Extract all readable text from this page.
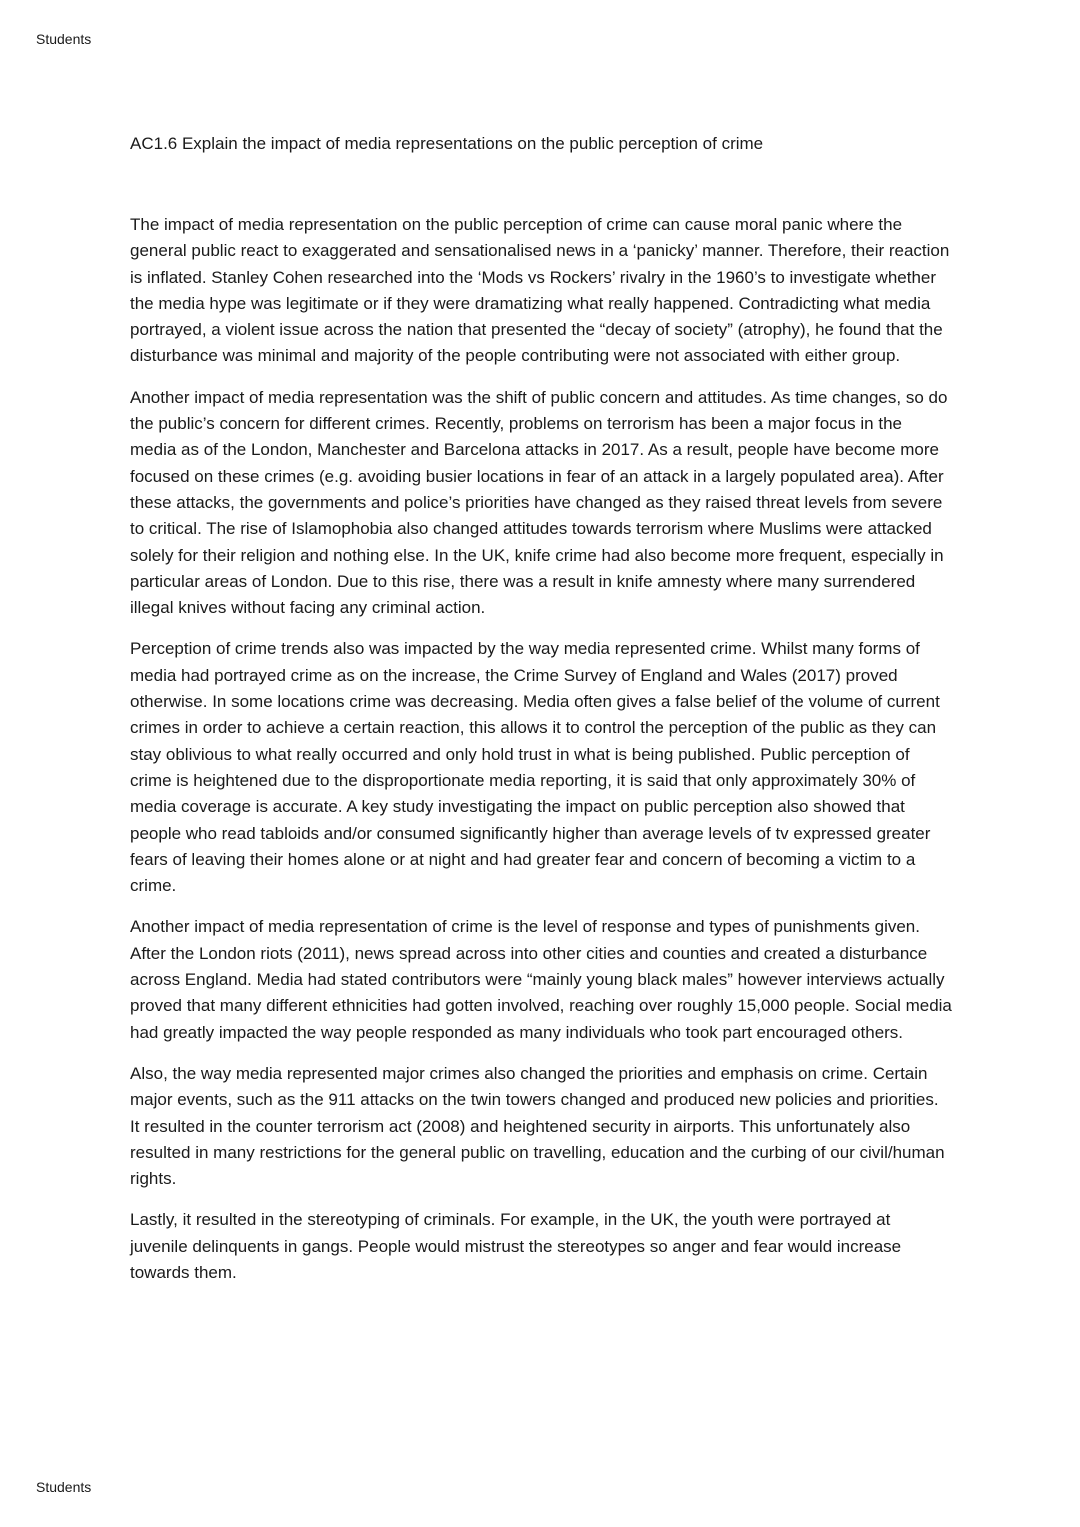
Students

AC1.6 Explain the impact of media representations on the public perception of crime

The impact of media representation on the public perception of crime can cause moral panic where the general public react to exaggerated and sensationalised news in a ‘panicky’ manner. Therefore, their reaction is inflated. Stanley Cohen researched into the ‘Mods vs Rockers’ rivalry in the 1960’s to investigate whether the media hype was legitimate or if they were dramatizing what really happened. Contradicting what media portrayed, a violent issue across the nation that presented the “decay of society” (atrophy), he found that the disturbance was minimal and majority of the people contributing were not associated with either group.

Another impact of media representation was the shift of public concern and attitudes. As time changes, so do the public’s concern for different crimes. Recently, problems on terrorism has been a major focus in the media as of the London, Manchester and Barcelona attacks in 2017. As a result, people have become more focused on these crimes (e.g. avoiding busier locations in fear of an attack in a largely populated area). After these attacks, the governments and police’s priorities have changed as they raised threat levels from severe to critical. The rise of Islamophobia also changed attitudes towards terrorism where Muslims were attacked solely for their religion and nothing else. In the UK, knife crime had also become more frequent, especially in particular areas of London. Due to this rise, there was a result in knife amnesty where many surrendered illegal knives without facing any criminal action.

Perception of crime trends also was impacted by the way media represented crime. Whilst many forms of media had portrayed crime as on the increase, the Crime Survey of England and Wales (2017) proved otherwise. In some locations crime was decreasing. Media often gives a false belief of the volume of current crimes in order to achieve a certain reaction, this allows it to control the perception of the public as they can stay oblivious to what really occurred and only hold trust in what is being published. Public perception of crime is heightened due to the disproportionate media reporting, it is said that only approximately 30% of media coverage is accurate. A key study investigating the impact on public perception also showed that people who read tabloids and/or consumed significantly higher than average levels of tv expressed greater fears of leaving their homes alone or at night and had greater fear and concern of becoming a victim to a crime.

Another impact of media representation of crime is the level of response and types of punishments given. After the London riots (2011), news spread across into other cities and counties and created a disturbance across England. Media had stated contributors were “mainly young black males” however interviews actually proved that many different ethnicities had gotten involved, reaching over roughly 15,000 people. Social media had greatly impacted the way people responded as many individuals who took part encouraged others.

Also, the way media represented major crimes also changed the priorities and emphasis on crime. Certain major events, such as the 911 attacks on the twin towers changed and produced new policies and priorities. It resulted in the counter terrorism act (2008) and heightened security in airports. This unfortunately also resulted in many restrictions for the general public on travelling, education and the curbing of our civil/human rights.

Lastly, it resulted in the stereotyping of criminals. For example, in the UK, the youth were portrayed at juvenile delinquents in gangs. People would mistrust the stereotypes so anger and fear would increase towards them.

Students
